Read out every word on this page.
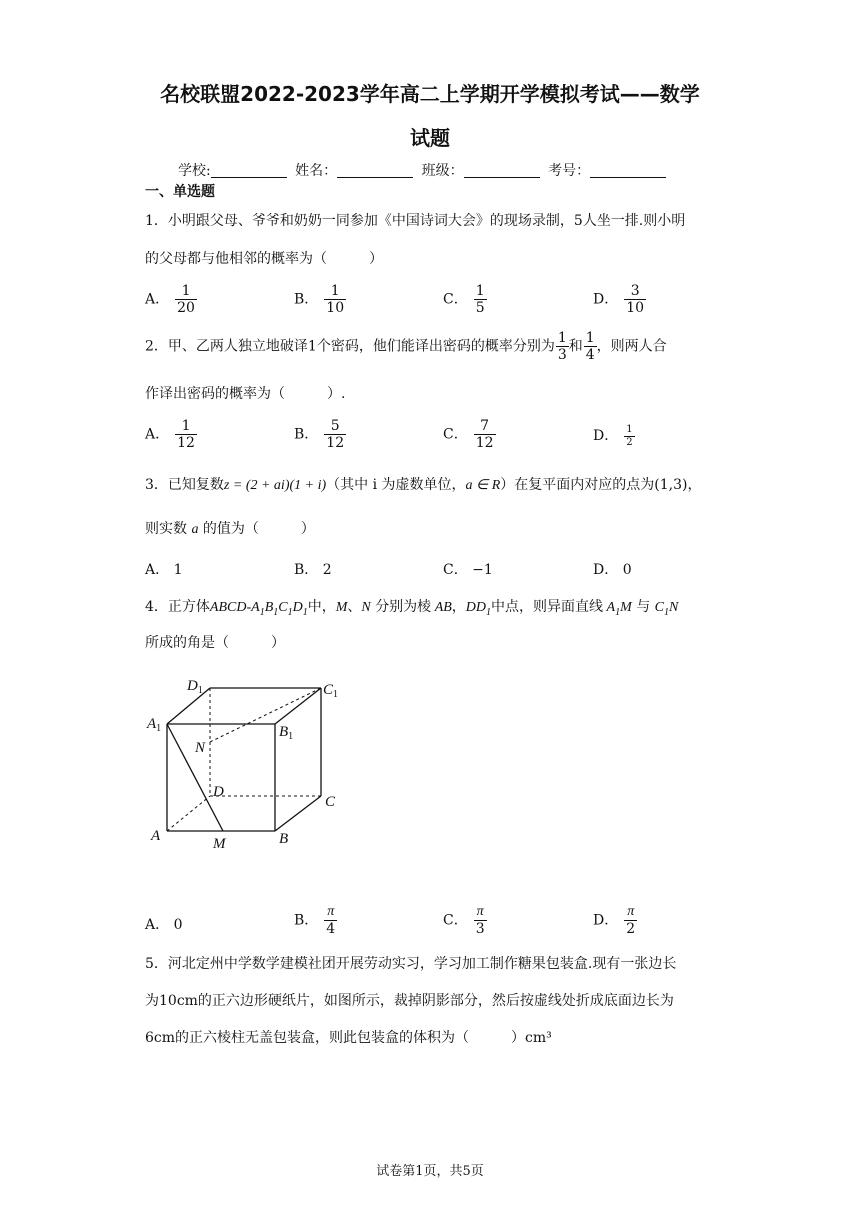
名校联盟2022-2023学年高二上学期开学模拟考试——数学
试题
学校:	姓名：	班级：	考号：
一、单选题
1．小明跟父母、爷爷和奶奶一同参加《中国诗词大会》的现场录制，5人坐一排.则小明
的父母都与他相邻的概率为（　　　）
A． $\frac{1}{20}$	B． $\frac{1}{10}$	C． $\frac{1}{5}$	D． $\frac{3}{10}$
2．甲、乙两人独立地破译1个密码，他们能译出密码的概率分别为 $\frac{1}{3}$ 和 $\frac{1}{4}$ ，则两人合
作译出密码的概率为（　　　）.
A． $\frac{1}{12}$	B． $\frac{5}{12}$	C． $\frac{7}{12}$	D． $\frac{1}{2}$
3．已知复数z = (2 + ai)(1 + i)（其中 i 为虚数单位，a ∈ R）在复平面内对应的点为(1,3)，
则实数 a 的值为（　　　）
A． 1	B． 2	C． −1	D． 0
4．正方体ABCD-$A_1B_1C_1D_1$中，M、N 分别为棱 AB，$DD_1$中点，则异面直线 $A_1M$ 与 $C_1N$
所成的角是（　　　）
$D_1$	$C_1$
$A_1$	$B_1$
N
D
C
A	B
M
A． 0	B． $\frac{\pi}{4}$	C． $\frac{\pi}{3}$	D． $\frac{\pi}{2}$
5．河北定州中学数学建模社团开展劳动实习，学习加工制作糖果包装盒.现有一张边长
为10cm的正六边形硬纸片，如图所示，裁掉阴影部分，然后按虚线处折成底面边长为
6cm的正六棱柱无盖包装盒，则此包装盒的体积为（　　　）cm³
试卷第1页，共5页
